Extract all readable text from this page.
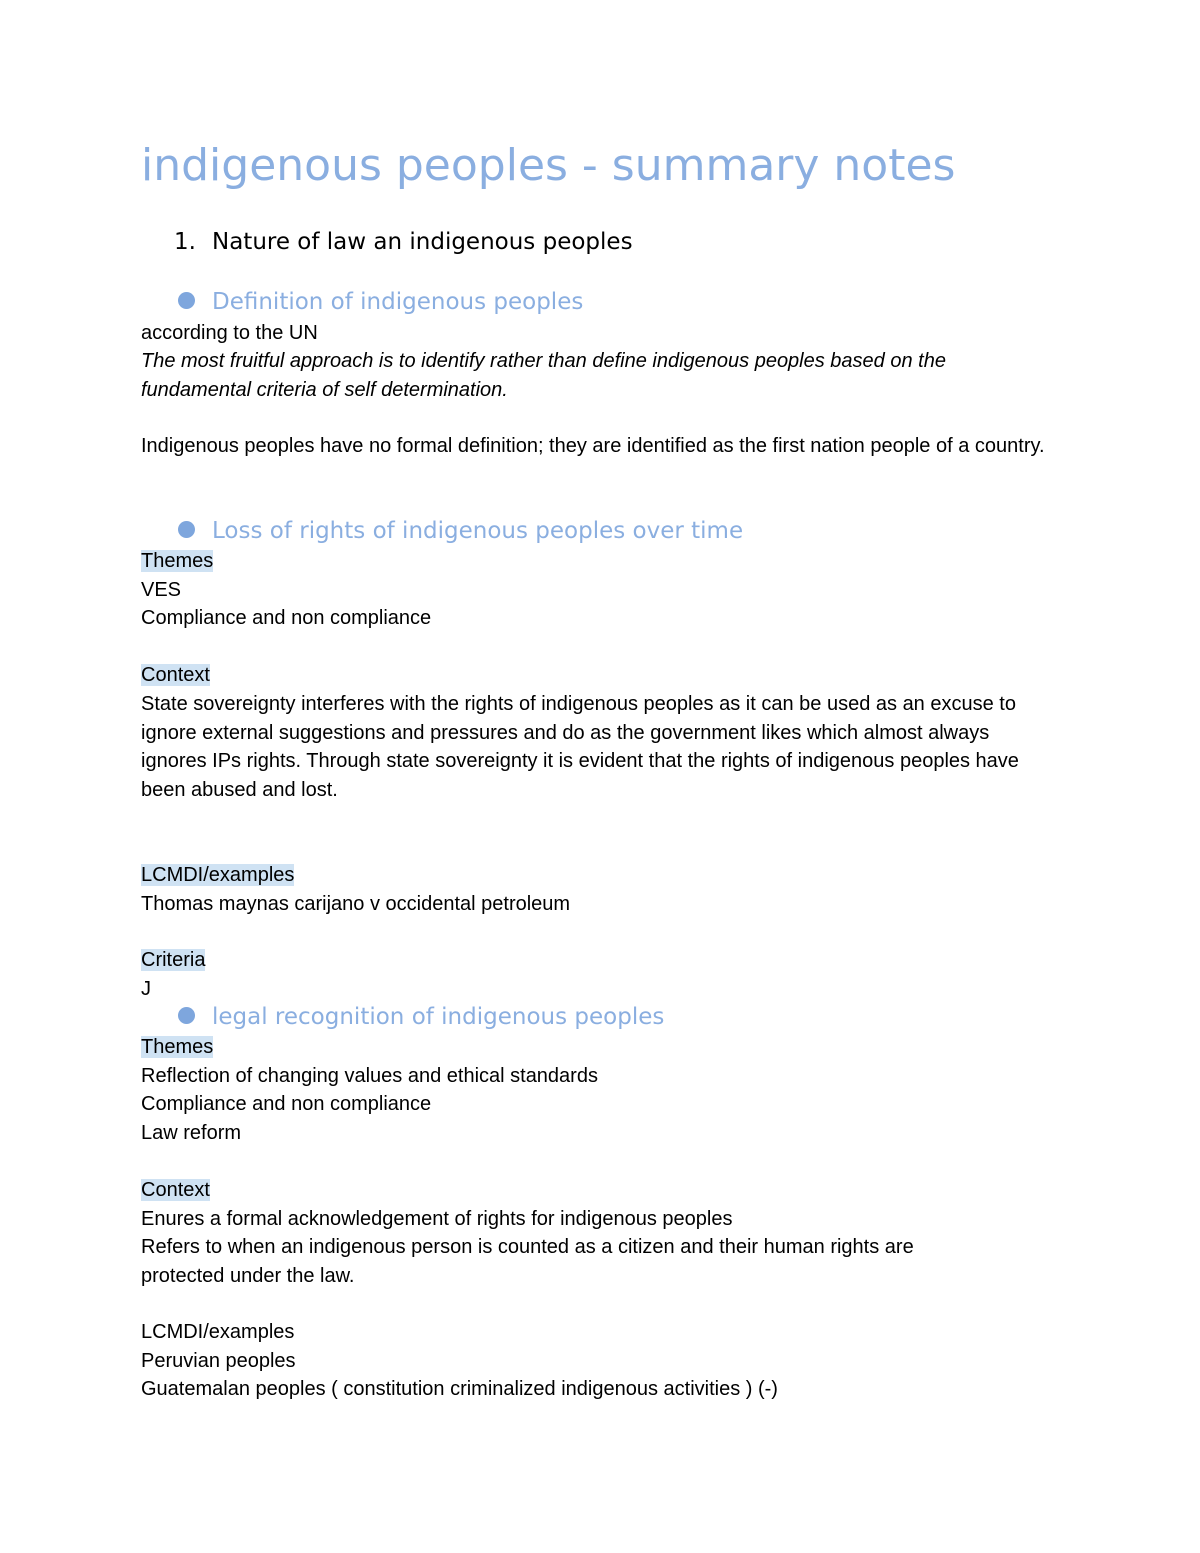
indigenous peoples - summary notes
1. Nature of law an indigenous peoples
Definition of indigenous peoples

according to the UN

The most fruitful approach is to identify rather than define indigenous peoples based on the fundamental criteria of self determination.

Indigenous peoples have no formal definition; they are identified as the first nation people of a country.

Loss of rights of indigenous peoples over time

Themes
VES
Compliance and non compliance

Context

State sovereignty interferes with the rights of indigenous peoples as it can be used as an excuse to ignore external suggestions and pressures and do as the government likes which almost always ignores IPs rights. Through state sovereignty it is evident that the rights of indigenous peoples have been abused and lost.

LCMDI/examples
Thomas maynas carijano v occidental petroleum

Criteria
J

legal recognition of indigenous peoples

Themes
Reflection of changing values and ethical standards
Compliance and non compliance
Law reform

Context
Enures a formal acknowledgement of rights for indigenous peoples

Refers to when an indigenous person is counted as a citizen and their human rights are protected under the law.

LCMDI/examples
Peruvian peoples
Guatemalan peoples ( constitution criminalized indigenous activities ) (-)
